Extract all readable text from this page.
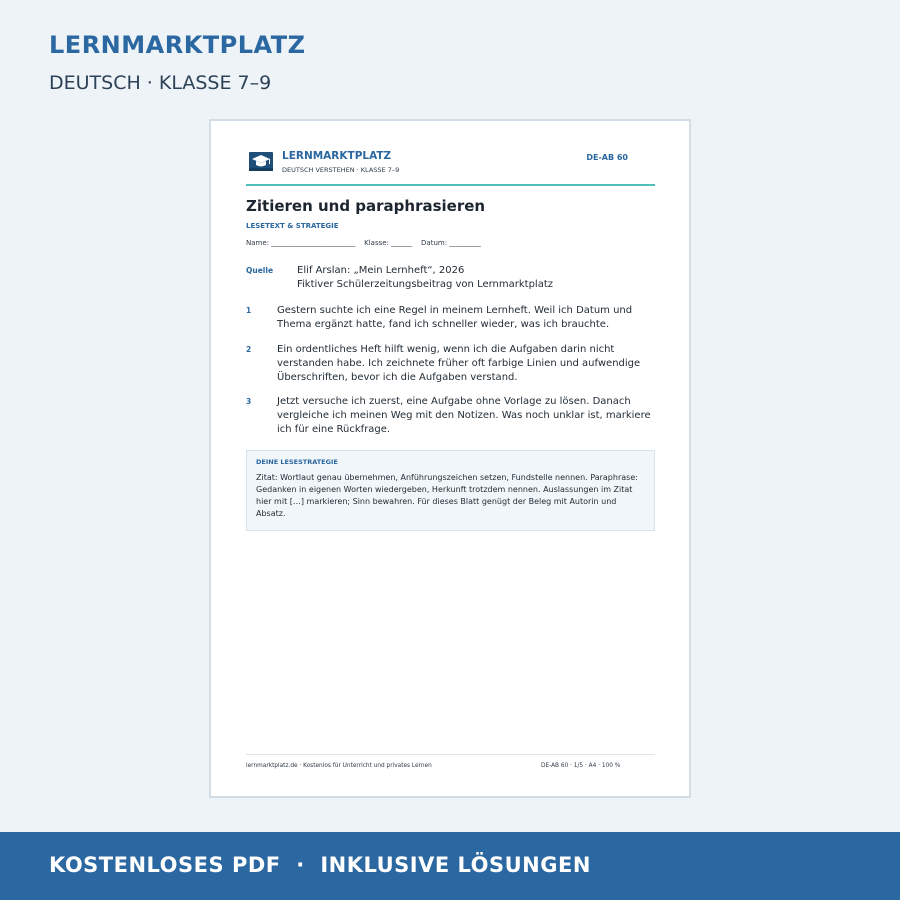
LERNMARKTPLATZ
DEUTSCH · KLASSE 7–9
LERNMARKTPLATZ
DEUTSCH VERSTEHEN · KLASSE 7–9
DE-AB 60
Zitieren und paraphrasieren
LESETEXT & STRATEGIE
Name: ________________________    Klasse: ______    Datum: _________
Quelle Elif Arslan: „Mein Lernheft“, 2026
Fiktiver Schülerzeitungsbeitrag von Lernmarktplatz
1	Gestern suchte ich eine Regel in meinem Lernheft. Weil ich Datum und Thema ergänzt hatte, fand ich schneller wieder, was ich brauchte.
2	Ein ordentliches Heft hilft wenig, wenn ich die Aufgaben darin nicht verstanden habe. Ich zeichnete früher oft farbige Linien und aufwendige Überschriften, bevor ich die Aufgaben verstand.
3	Jetzt versuche ich zuerst, eine Aufgabe ohne Vorlage zu lösen. Danach vergleiche ich meinen Weg mit den Notizen. Was noch unklar ist, markiere ich für eine Rückfrage.
DEINE LESESTRATEGIE
Zitat: Wortlaut genau übernehmen, Anführungszeichen setzen, Fundstelle nennen. Paraphrase: Gedanken in eigenen Worten wiedergeben, Herkunft trotzdem nennen. Auslassungen im Zitat hier mit […] markieren; Sinn bewahren. Für dieses Blatt genügt der Beleg mit Autorin und Absatz.
lernmarktplatz.de · Kostenlos für Unterricht und privates Lernen	DE-AB 60 · 1/5 · A4 · 100 %
KOSTENLOSES PDF  ·  INKLUSIVE LÖSUNGEN
